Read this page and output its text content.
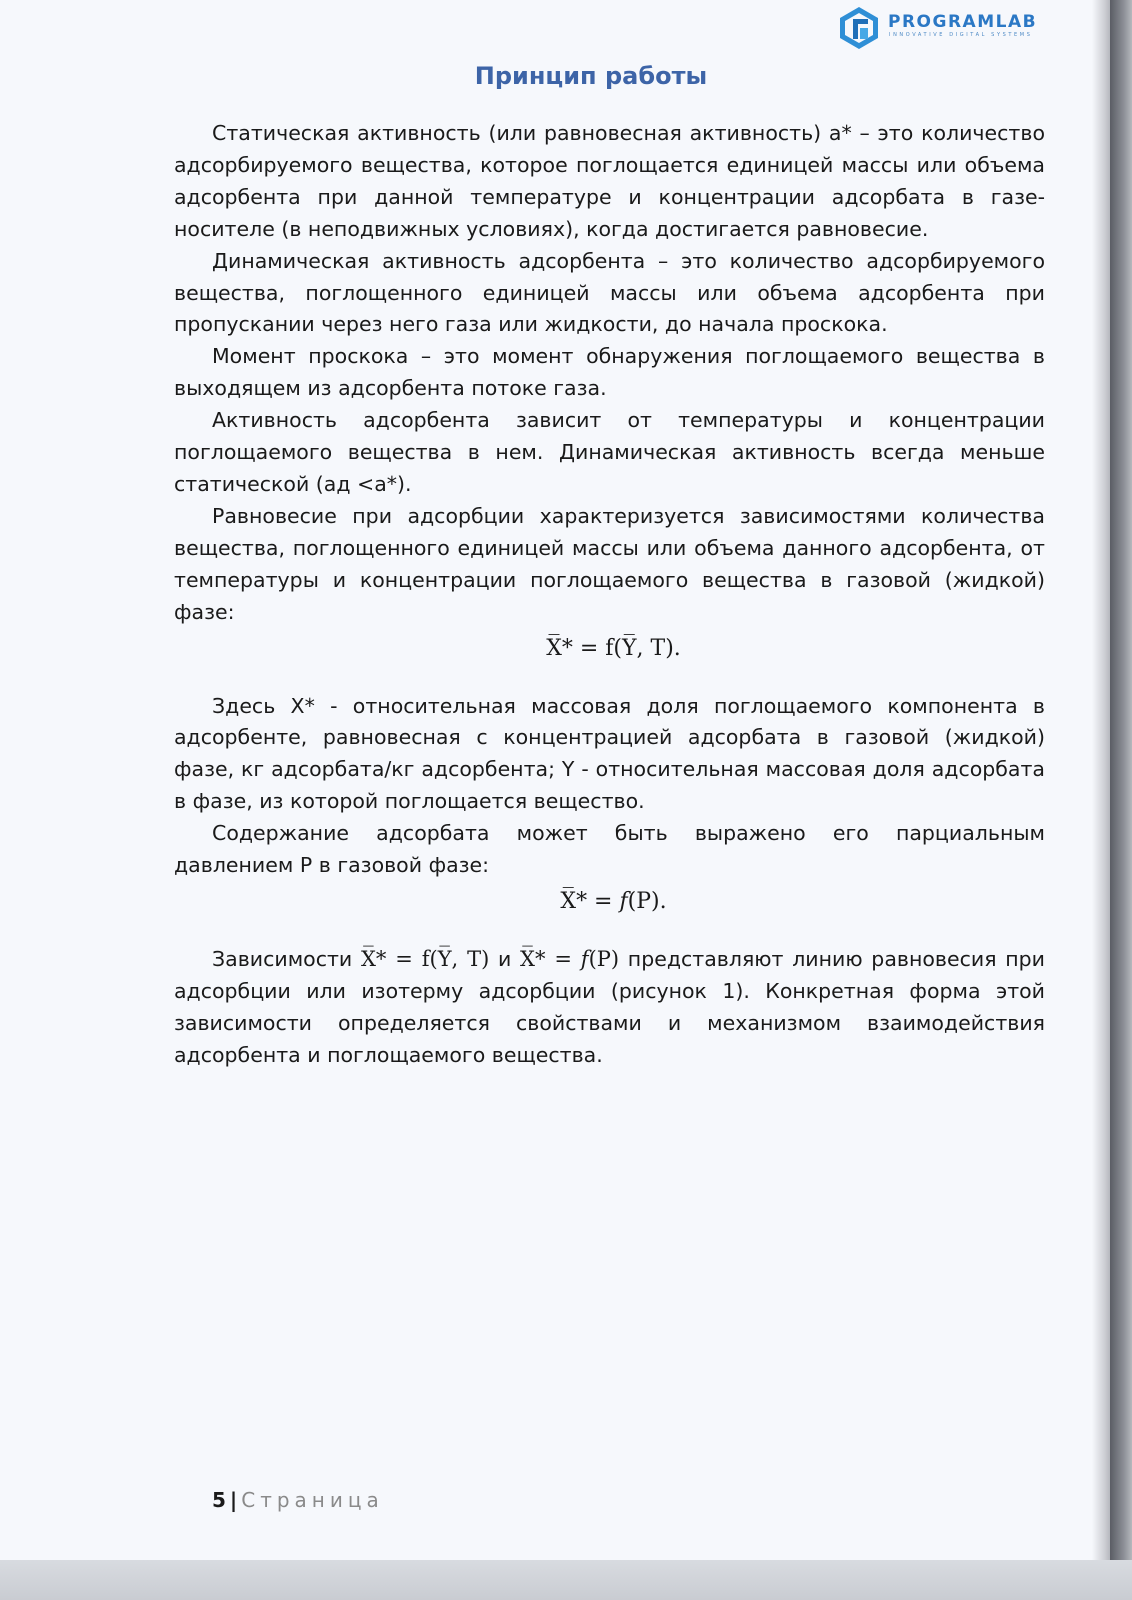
PROGRAMLAB
INNOVATIVE DIGITAL SYSTEMS
Принцип работы

Статическая активность (или равновесная активность) а* – это количество адсорбируемого вещества, которое поглощается единицей массы или объема адсорбента при данной температуре и концентрации адсорбата в газе-носителе (в неподвижных условиях), когда достигается равновесие.

Динамическая активность адсорбента – это количество адсорбируемого вещества, поглощенного единицей массы или объема адсорбента при пропускании через него газа или жидкости, до начала проскока.

Момент проскока – это момент обнаружения поглощаемого вещества в выходящем из адсорбента потоке газа.

Активность адсорбента зависит от температуры и концентрации поглощаемого вещества в нем. Динамическая активность всегда меньше статической (ад <а*).

Равновесие при адсорбции характеризуется зависимостями количества вещества, поглощенного единицей массы или объема данного адсорбента, от температуры и концентрации поглощаемого вещества в газовой (жидкой) фазе:

X̅* = f(Y̅, T).

Здесь X* - относительная массовая доля поглощаемого компонента в адсорбенте, равновесная с концентрацией адсорбата в газовой (жидкой) фазе, кг адсорбата/кг адсорбента; Y - относительная массовая доля адсорбата в фазе, из которой поглощается вещество.

Содержание адсорбата может быть выражено его парциальным давлением Р в газовой фазе:

X̅* = 𝑓(P).

Зависимости X̅* = f(Y̅, T) и X̅* = 𝑓(P) представляют линию равновесия при адсорбции или изотерму адсорбции (рисунок 1). Конкретная форма этой зависимости определяется свойствами и механизмом взаимодействия адсорбента и поглощаемого вещества.

5 | Страница
